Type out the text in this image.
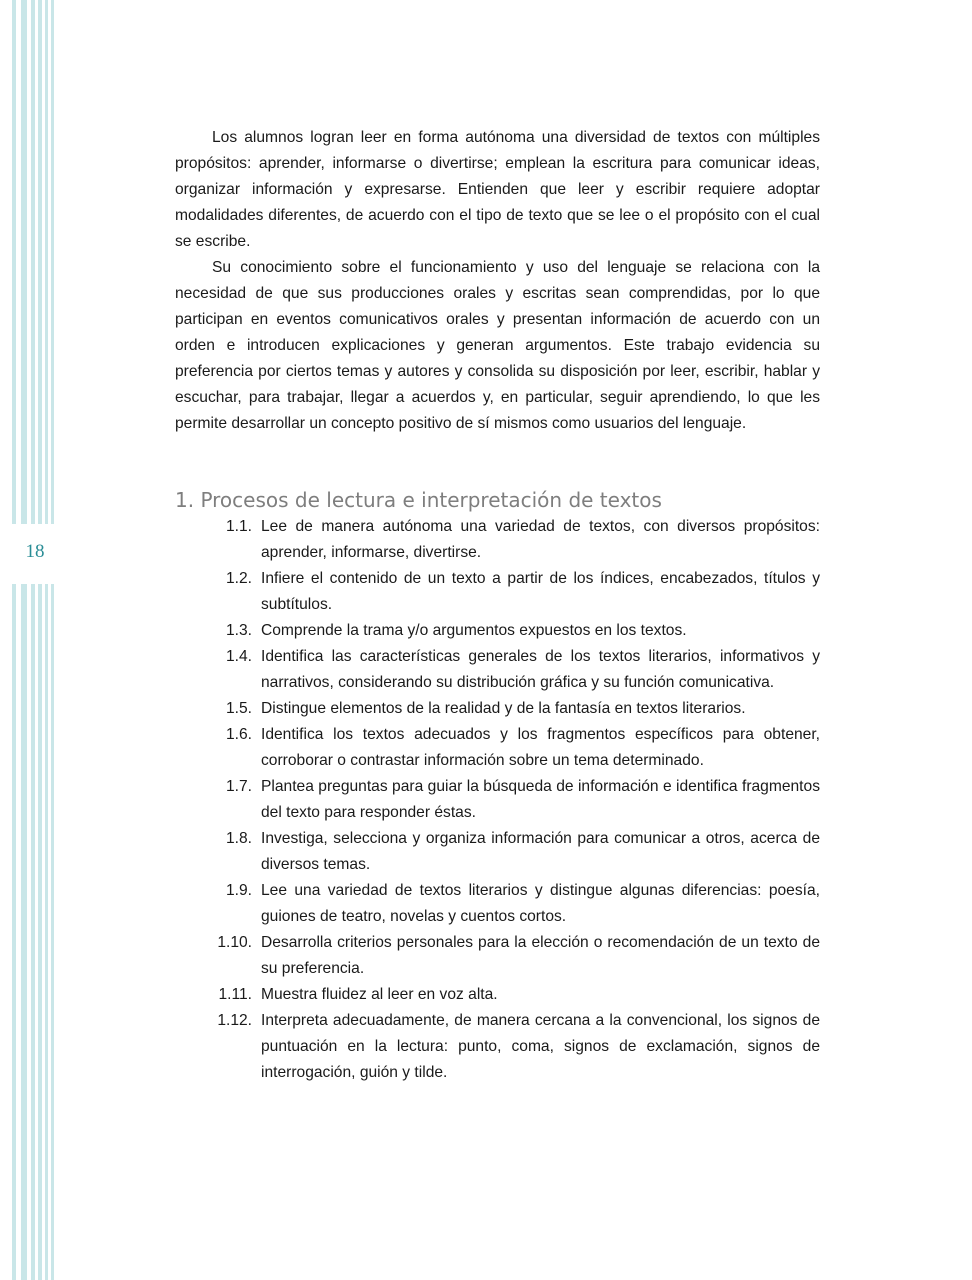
18

Los alumnos logran leer en forma autónoma una diversidad de textos con múltiples propósitos: aprender, informarse o divertirse; emplean la escritura para comunicar ideas, organizar información y expresarse. Entienden que leer y escribir requiere adoptar modalidades diferentes, de acuerdo con el tipo de texto que se lee o el propósito con el cual se escribe.

Su conocimiento sobre el funcionamiento y uso del lenguaje se relaciona con la necesidad de que sus producciones orales y escritas sean comprendidas, por lo que participan en eventos comunicativos orales y presentan información de acuerdo con un orden e introducen explicaciones y generan argumentos. Este trabajo evidencia su preferencia por ciertos temas y autores y consolida su disposición por leer, escribir, hablar y escuchar, para trabajar, llegar a acuerdos y, en particular, seguir aprendiendo, lo que les permite desarrollar un concepto positivo de sí mismos como usuarios del lenguaje.

1. Procesos de lectura e interpretación de textos
1.1. Lee de manera autónoma una variedad de textos, con diversos propósitos: aprender, informarse, divertirse.
1.2. Infiere el contenido de un texto a partir de los índices, encabezados, títulos y subtítulos.
1.3. Comprende la trama y/o argumentos expuestos en los textos.
1.4. Identifica las características generales de los textos literarios, informativos y narrativos, considerando su distribución gráfica y su función comunicativa.
1.5. Distingue elementos de la realidad y de la fantasía en textos literarios.
1.6. Identifica los textos adecuados y los fragmentos específicos para obtener, corroborar o contrastar información sobre un tema determinado.
1.7. Plantea preguntas para guiar la búsqueda de información e identifica fragmentos del texto para responder éstas.
1.8. Investiga, selecciona y organiza información para comunicar a otros, acerca de diversos temas.
1.9. Lee una variedad de textos literarios y distingue algunas diferencias: poesía, guiones de teatro, novelas y cuentos cortos.
1.10. Desarrolla criterios personales para la elección o recomendación de un texto de su preferencia.
1.11. Muestra fluidez al leer en voz alta.
1.12. Interpreta adecuadamente, de manera cercana a la convencional, los signos de puntuación en la lectura: punto, coma, signos de exclamación, signos de interrogación, guión y tilde.
